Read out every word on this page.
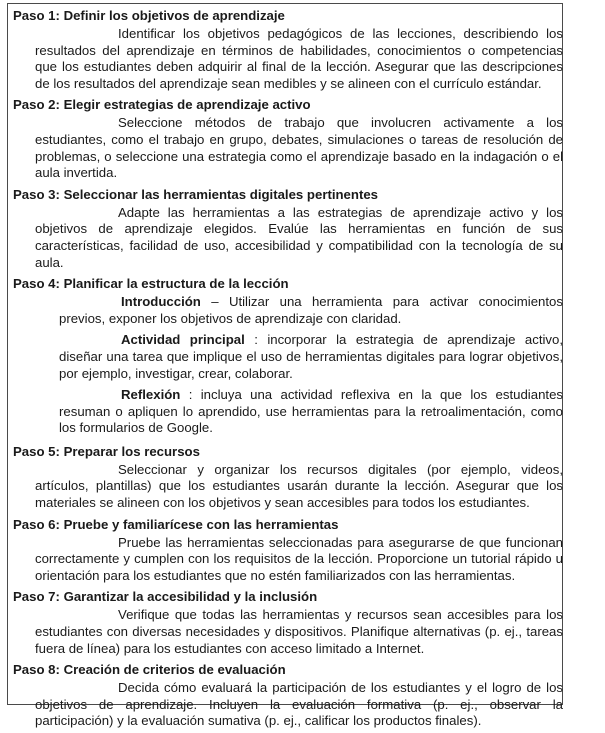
Paso 1: Definir los objetivos de aprendizaje

Identificar los objetivos pedagógicos de las lecciones, describiendo los resultados del aprendizaje en términos de habilidades, conocimientos o competencias que los estudiantes deben adquirir al final de la lección. Asegurar que las descripciones de los resultados del aprendizaje sean medibles y se alineen con el currículo estándar.

Paso 2: Elegir estrategias de aprendizaje activo

Seleccione métodos de trabajo que involucren activamente a los estudiantes, como el trabajo en grupo, debates, simulaciones o tareas de resolución de problemas, o seleccione una estrategia como el aprendizaje basado en la indagación o el aula invertida.

Paso 3: Seleccionar las herramientas digitales pertinentes

Adapte las herramientas a las estrategias de aprendizaje activo y los objetivos de aprendizaje elegidos. Evalúe las herramientas en función de sus características, facilidad de uso, accesibilidad y compatibilidad con la tecnología de su aula.

Paso 4: Planificar la estructura de la lección

Introducción – Utilizar una herramienta para activar conocimientos previos, exponer los objetivos de aprendizaje con claridad.

Actividad principal : incorporar la estrategia de aprendizaje activo, diseñar una tarea que implique el uso de herramientas digitales para lograr objetivos, por ejemplo, investigar, crear, colaborar.

Reflexión : incluya una actividad reflexiva en la que los estudiantes resuman o apliquen lo aprendido, use herramientas para la retroalimentación, como los formularios de Google.

Paso 5: Preparar los recursos

Seleccionar y organizar los recursos digitales (por ejemplo, videos, artículos, plantillas) que los estudiantes usarán durante la lección. Asegurar que los materiales se alineen con los objetivos y sean accesibles para todos los estudiantes.

Paso 6: Pruebe y familiarícese con las herramientas

Pruebe las herramientas seleccionadas para asegurarse de que funcionan correctamente y cumplen con los requisitos de la lección. Proporcione un tutorial rápido u orientación para los estudiantes que no estén familiarizados con las herramientas.

Paso 7: Garantizar la accesibilidad y la inclusión

Verifique que todas las herramientas y recursos sean accesibles para los estudiantes con diversas necesidades y dispositivos. Planifique alternativas (p. ej., tareas fuera de línea) para los estudiantes con acceso limitado a Internet.

Paso 8: Creación de criterios de evaluación

Decida cómo evaluará la participación de los estudiantes y el logro de los objetivos de aprendizaje. Incluyen la evaluación formativa (p. ej., observar la participación) y la evaluación sumativa (p. ej., calificar los productos finales).
